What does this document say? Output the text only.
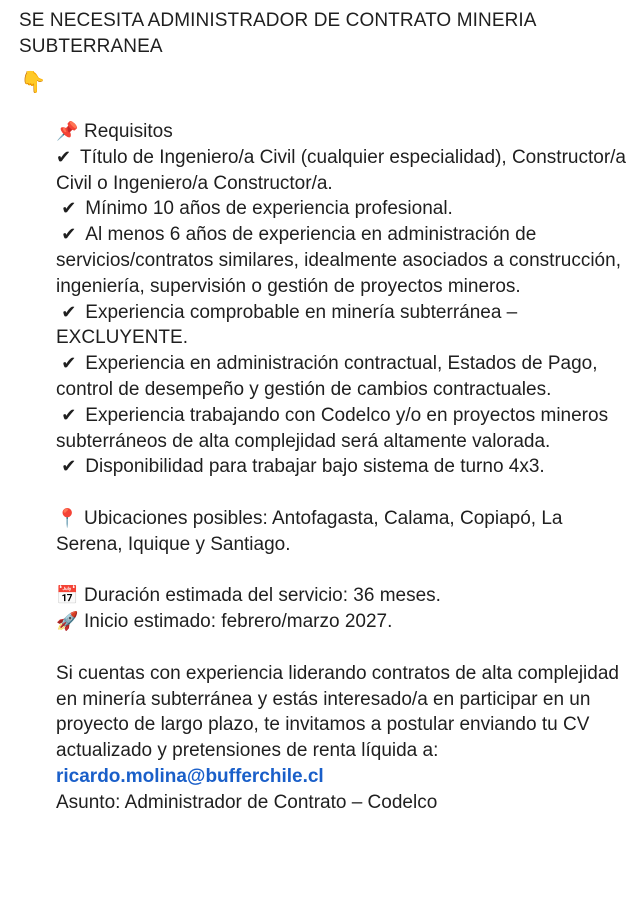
SE NECESITA ADMINISTRADOR DE CONTRATO MINERIA
SUBTERRANEA
👇
📌 Requisitos
✔ Título de Ingeniero/a Civil (cualquier especialidad), Constructor/a Civil o Ingeniero/a Constructor/a.
✔ Mínimo 10 años de experiencia profesional.
✔ Al menos 6 años de experiencia en administración de servicios/contratos similares, idealmente asociados a construcción, ingeniería, supervisión o gestión de proyectos mineros.
✔ Experiencia comprobable en minería subterránea – EXCLUYENTE.
✔ Experiencia en administración contractual, Estados de Pago, control de desempeño y gestión de cambios contractuales.
✔ Experiencia trabajando con Codelco y/o en proyectos mineros subterráneos de alta complejidad será altamente valorada.
✔ Disponibilidad para trabajar bajo sistema de turno 4x3.
📍 Ubicaciones posibles: Antofagasta, Calama, Copiapó, La Serena, Iquique y Santiago.
📅 Duración estimada del servicio: 36 meses.
🚀 Inicio estimado: febrero/marzo 2027.
Si cuentas con experiencia liderando contratos de alta complejidad en minería subterránea y estás interesado/a en participar en un proyecto de largo plazo, te invitamos a postular enviando tu CV actualizado y pretensiones de renta líquida a: ricardo.molina@bufferchile.cl
Asunto: Administrador de Contrato – Codelco
